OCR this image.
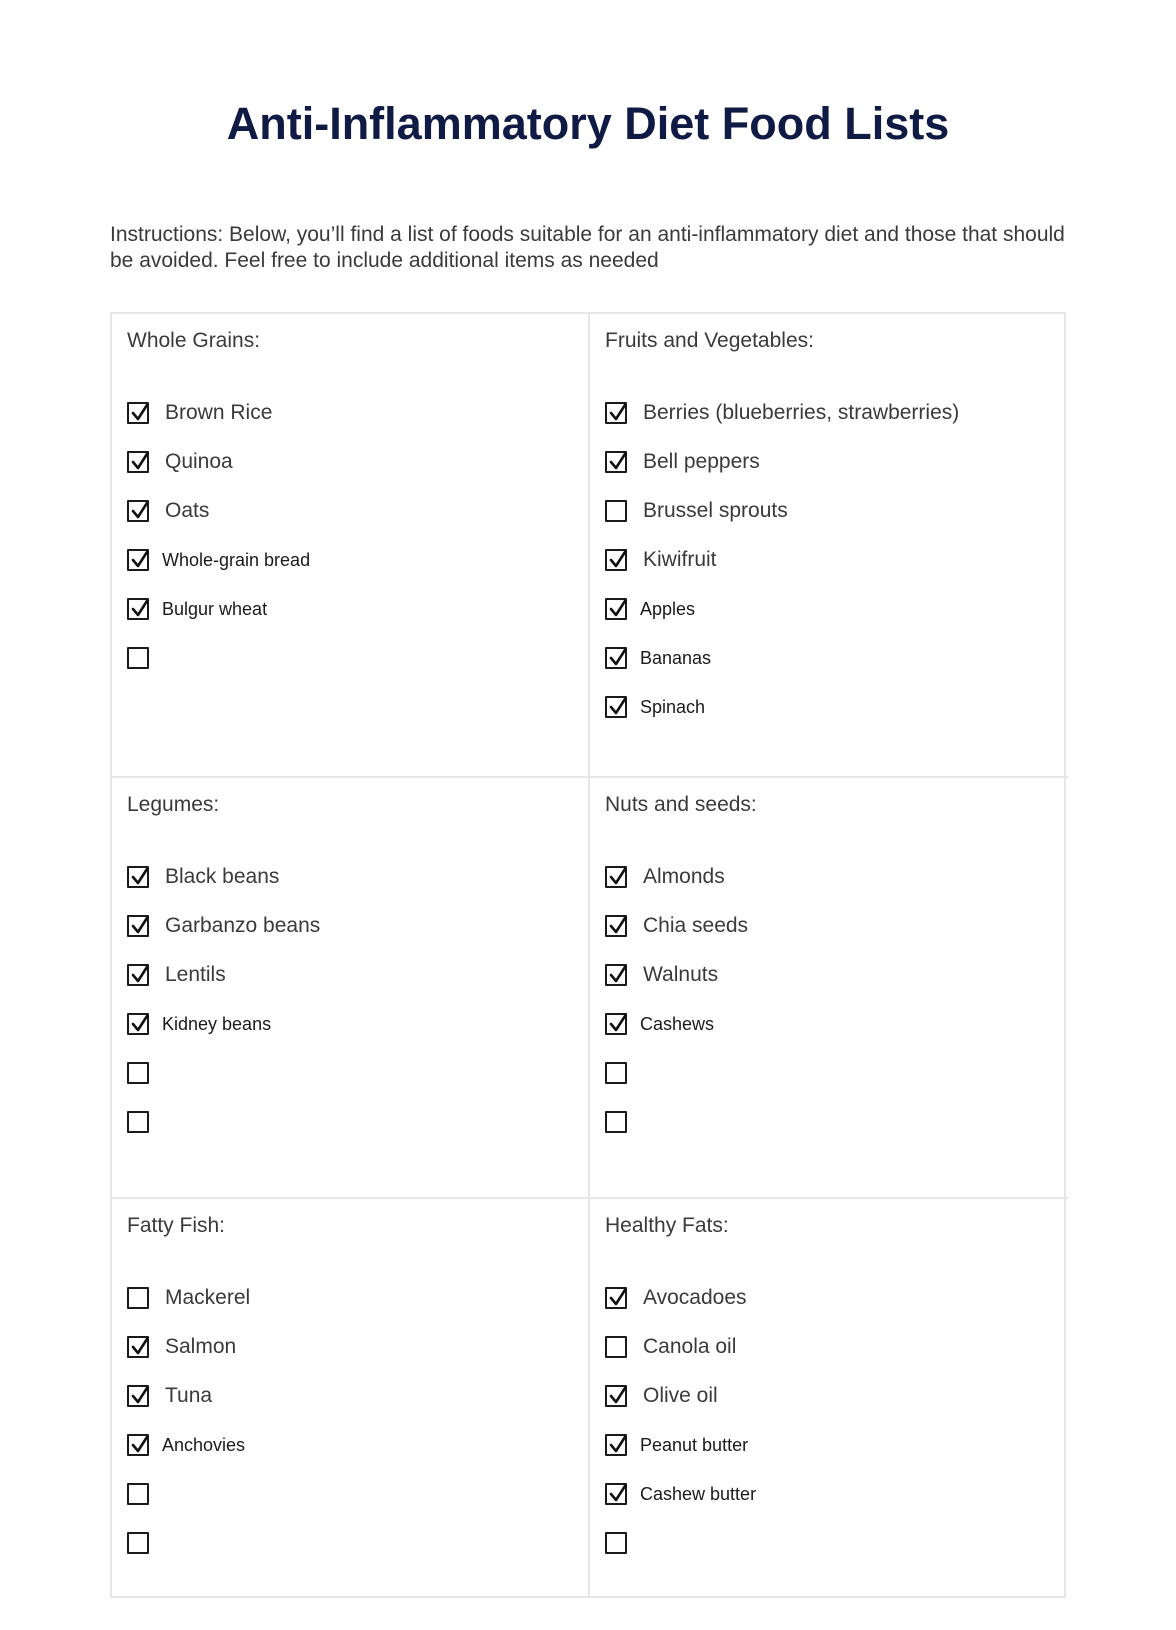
Anti-Inflammatory Diet Food Lists
Instructions: Below, you’ll find a list of foods suitable for an anti-inflammatory diet and those that should be avoided. Feel free to include additional items as needed
Whole Grains:
Brown Rice
Quinoa
Oats
Whole-grain bread
Bulgur wheat
Fruits and Vegetables:
Berries (blueberries, strawberries)
Bell peppers
Brussel sprouts
Kiwifruit
Apples
Bananas
Spinach
Legumes:
Black beans
Garbanzo beans
Lentils
Kidney beans
Nuts and seeds:
Almonds
Chia seeds
Walnuts
Cashews
Fatty Fish:
Mackerel
Salmon
Tuna
Anchovies
Healthy Fats:
Avocadoes
Canola oil
Olive oil
Peanut butter
Cashew butter
